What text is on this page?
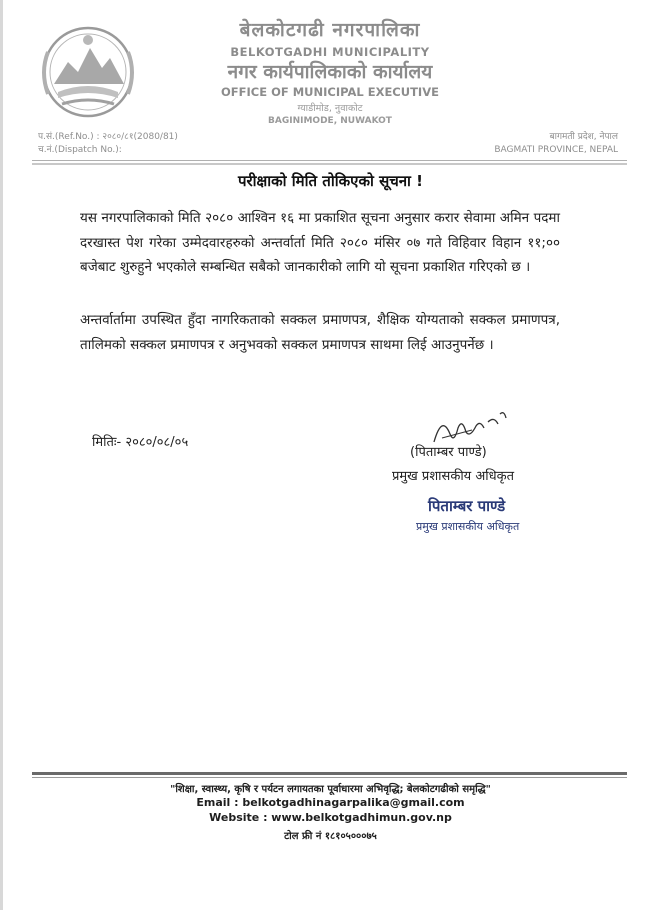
बेलकोटगढी नगरपालिका
BELKOTGADHI MUNICIPALITY
नगर कार्यपालिकाको कार्यालय
OFFICE OF MUNICIPAL EXECUTIVE
ग्याडीमोड, नुवाकोट
BAGINIMODE, NUWAKOT
प.सं.(Ref.No.) : २०८०/८१(2080/81)
च.नं.(Dispatch No.):
बागमती प्रदेश, नेपाल
BAGMATI PROVINCE, NEPAL
परीक्षाको मिति तोकिएको सूचना !
यस नगरपालिकाको मिति २०८० आश्विन १६ मा प्रकाशित सूचना अनुसार करार सेवामा अमिन पदमा दरखास्त पेश गरेका उम्मेदवारहरुको अन्तर्वार्ता मिति २०८० मंसिर ०७ गते विहिवार विहान ११;०० बजेबाट शुरुहुने भएकोले सम्बन्धित सबैको जानकारीको लागि यो सूचना प्रकाशित गरिएको छ ।
अन्तर्वार्तामा उपस्थित हुँदा नागरिकताको सक्कल प्रमाणपत्र, शैक्षिक योग्यताको सक्कल प्रमाणपत्र, तालिमको सक्कल प्रमाणपत्र र अनुभवको सक्कल प्रमाणपत्र साथमा लिई आउनुपर्नेछ ।
मितिः- २०८०/०८/०५
(पिताम्बर पाण्डे)
प्रमुख प्रशासकीय अधिकृत
पिताम्बर पाण्डे
प्रमुख प्रशासकीय अधिकृत
"शिक्षा, स्वास्थ्य, कृषि र पर्यटन लगायतका पूर्वाधारमा अभिवृद्धि; बेलकोटगढीको समृद्धि"
Email : belkotgadhinagarpalika@gmail.com
Website : www.belkotgadhimun.gov.np
टोल फ्री नं १८१०५०००७५
